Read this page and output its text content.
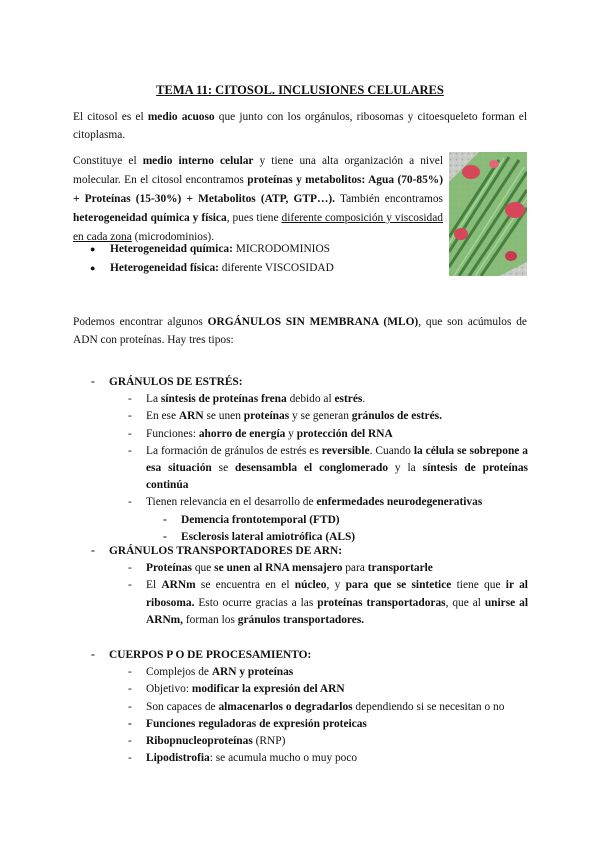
TEMA 11: CITOSOL. INCLUSIONES CELULARES

El citosol es el medio acuoso que junto con los orgánulos, ribosomas y citoesqueleto forman el citoplasma.

Constituye el medio interno celular y tiene una alta organización a nivel molecular. En el citosol encontramos proteínas y metabolitos: Agua (70-85%) + Proteínas (15-30%) + Metabolitos (ATP, GTP…). También encontramos heterogeneidad química y física, pues tiene diferente composición y viscosidad en cada zona (microdominios).

● Heterogeneidad química: MICRODOMINIOS
● Heterogeneidad física: diferente VISCOSIDAD

Podemos encontrar algunos ORGÁNULOS SIN MEMBRANA (MLO), que son acúmulos de ADN con proteínas. Hay tres tipos:

- GRÁNULOS DE ESTRÉS:
- La síntesis de proteínas frena debido al estrés.
- En ese ARN se unen proteínas y se generan gránulos de estrés.
- Funciones: ahorro de energía y protección del RNA
- La formación de gránulos de estrés es reversible. Cuando la célula se sobrepone a esa situación se desensambla el conglomerado y la síntesis de proteínas continúa
- Tienen relevancia en el desarrollo de enfermedades neurodegenerativas
- Demencia frontotemporal (FTD)
- Esclerosis lateral amiotrófica (ALS)
- GRÁNULOS TRANSPORTADORES DE ARN:
- Proteínas que se unen al RNA mensajero para transportarle
- El ARNm se encuentra en el núcleo, y para que se sintetice tiene que ir al ribosoma. Esto ocurre gracias a las proteínas transportadoras, que al unirse al ARNm, forman los gránulos transportadores.
- CUERPOS P O DE PROCESAMIENTO:
- Complejos de ARN y proteínas
- Objetivo: modificar la expresión del ARN
- Son capaces de almacenarlos o degradarlos dependiendo si se necesitan o no
- Funciones reguladoras de expresión proteicas
- Ribopnucleoproteínas (RNP)
- Lipodistrofia: se acumula mucho o muy poco
